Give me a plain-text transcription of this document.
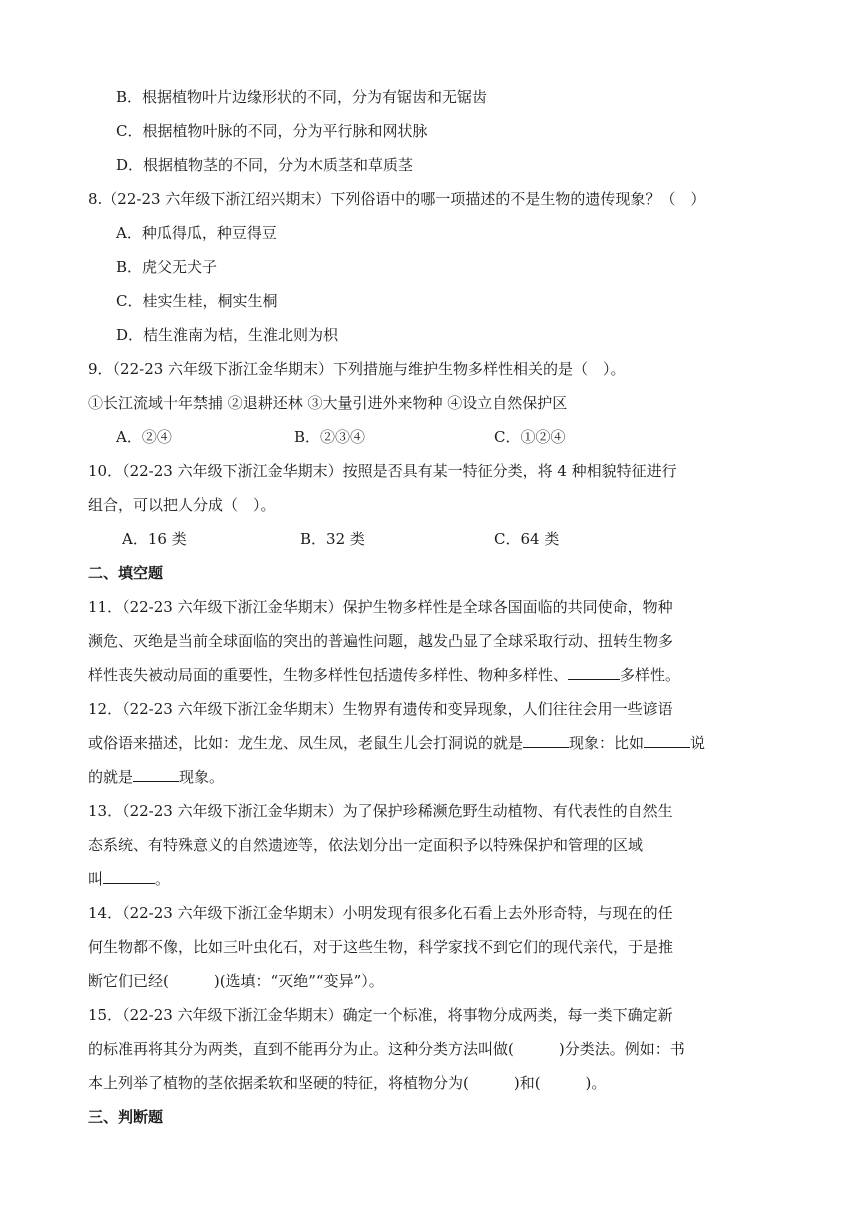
B．根据植物叶片边缘形状的不同，分为有锯齿和无锯齿
C．根据植物叶脉的不同，分为平行脉和网状脉
D．根据植物茎的不同，分为木质茎和草质茎
8.（22-23 六年级下浙江绍兴期末）下列俗语中的哪一项描述的不是生物的遗传现象？（　）
A．种瓜得瓜，种豆得豆
B．虎父无犬子
C．桂实生桂，桐实生桐
D．桔生淮南为桔，生淮北则为枳
9．（22-23 六年级下浙江金华期末）下列措施与维护生物多样性相关的是（　）。
①长江流域十年禁捕 ②退耕还林 ③大量引进外来物种 ④设立自然保护区
A．②④	B．②③④	C．①②④
10．（22-23 六年级下浙江金华期末）按照是否具有某一特征分类，将 4 种相貌特征进行
组合，可以把人分成（　）。
A．16 类	B．32 类	C．64 类
二、填空题
11．（22-23 六年级下浙江金华期末）保护生物多样性是全球各国面临的共同使命，物种
濒危、灭绝是当前全球面临的突出的普遍性问题，越发凸显了全球采取行动、扭转生物多
样性丧失被动局面的重要性，生物多样性包括遗传多样性、物种多样性、	多样性。
12．（22-23 六年级下浙江金华期末）生物界有遗传和变异现象，人们往往会用一些谚语
或俗语来描述，比如：龙生龙、凤生凤，老鼠生儿会打洞说的就是	现象：比如	说
的就是	现象。
13．（22-23 六年级下浙江金华期末）为了保护珍稀濒危野生动植物、有代表性的自然生
态系统、有特殊意义的自然遗迹等，依法划分出一定面积予以特殊保护和管理的区域
叫	。
14．（22-23 六年级下浙江金华期末）小明发现有很多化石看上去外形奇特，与现在的任
何生物都不像，比如三叶虫化石，对于这些生物，科学家找不到它们的现代亲代，于是推
断它们已经(　　　)(选填：“灭绝”“变异”）。
15．（22-23 六年级下浙江金华期末）确定一个标准，将事物分成两类，每一类下确定新
的标准再将其分为两类，直到不能再分为止。这种分类方法叫做(　　　)分类法。例如：书
本上列举了植物的茎依据柔软和坚硬的特征，将植物分为(　　　)和(　　　)。
三、判断题
